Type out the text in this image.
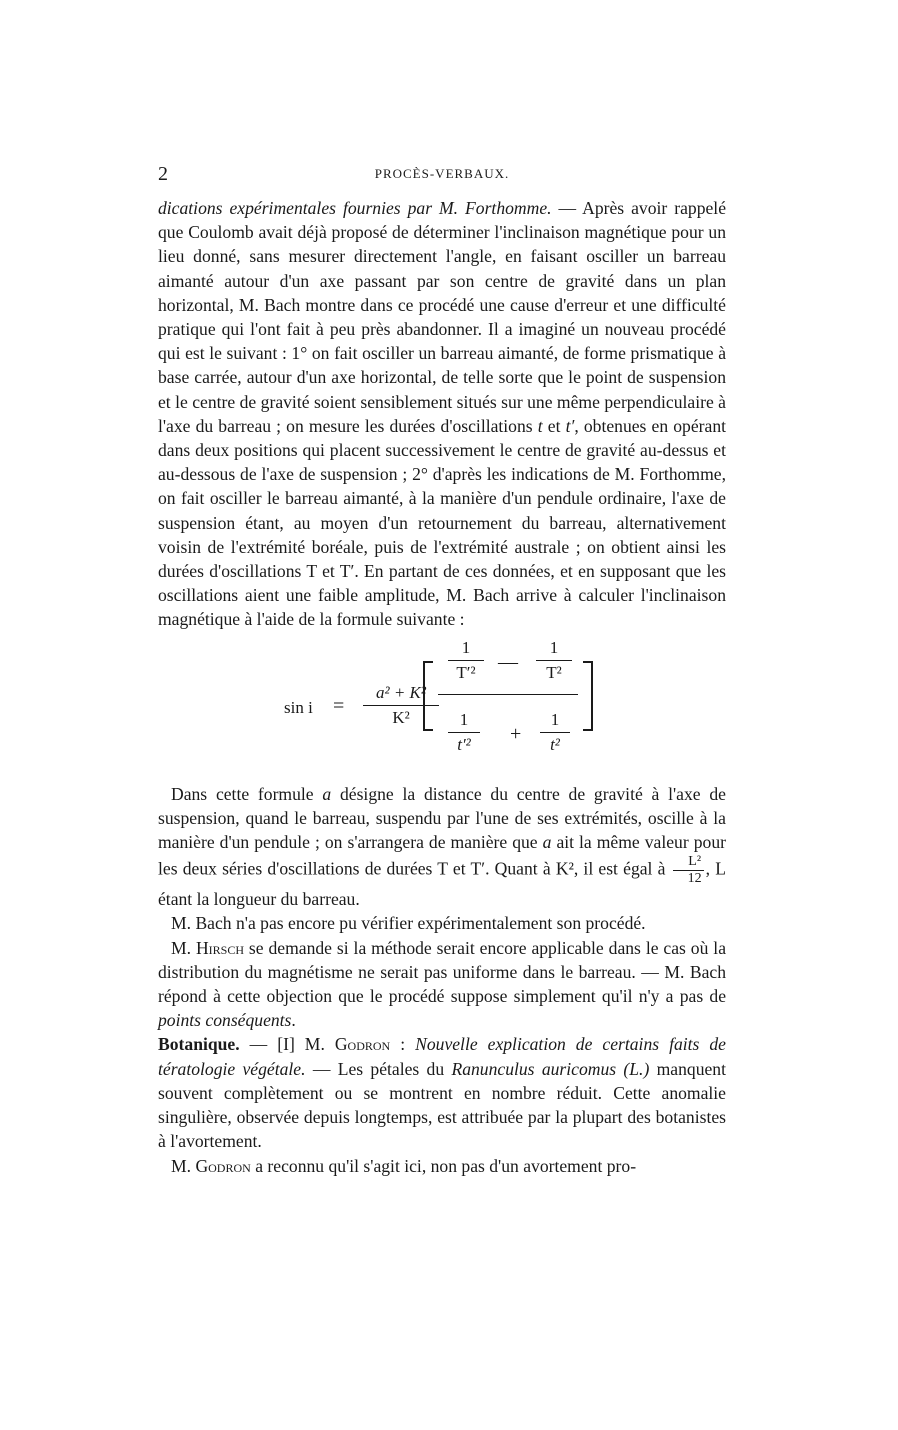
2	PROCÈS-VERBAUX.

dications expérimentales fournies par M. Forthomme. — Après avoir rappelé que Coulomb avait déjà proposé de déterminer l'inclinaison magnétique pour un lieu donné, sans mesurer directement l'angle, en faisant osciller un barreau aimanté autour d'un axe passant par son centre de gravité dans un plan horizontal, M. Bach montre dans ce procédé une cause d'erreur et une difficulté pratique qui l'ont fait à peu près abandonner. Il a imaginé un nouveau procédé qui est le suivant : 1° on fait osciller un barreau aimanté, de forme prismatique à base carrée, autour d'un axe horizontal, de telle sorte que le point de suspension et le centre de gravité soient sensiblement situés sur une même perpendiculaire à l'axe du barreau ; on mesure les durées d'oscillations t et t′, obtenues en opérant dans deux positions qui placent successivement le centre de gravité au-dessus et au-dessous de l'axe de suspension ; 2° d'après les indications de M. Forthomme, on fait osciller le barreau aimanté, à la manière d'un pendule ordinaire, l'axe de suspension étant, au moyen d'un retournement du barreau, alternativement voisin de l'extrémité boréale, puis de l'extrémité australe ; on obtient ainsi les durées d'oscillations T et T′. En partant de ces données, et en supposant que les oscillations aient une faible amplitude, M. Bach arrive à calculer l'inclinaison magnétique à l'aide de la formule suivante :

sin i =
a² + K²
K²
1
T′²	—
1
T²
1
t′²	+
1
t²

Dans cette formule a désigne la distance du centre de gravité à l'axe de suspension, quand le barreau, suspendu par l'une de ses extrémités, oscille à la manière d'un pendule ; on s'arrangera de manière que a ait la même valeur pour les deux séries d'oscillations de durées T et T′. Quant à K², il est égal à $\frac{\text{L²}}{12}$ , L étant la longueur du barreau.

M. Bach n'a pas encore pu vérifier expérimentalement son procédé.

M. Hirsch se demande si la méthode serait encore applicable dans le cas où la distribution du magnétisme ne serait pas uniforme dans le barreau. — M. Bach répond à cette objection que le procédé suppose simplement qu'il n'y a pas de points conséquents.

Botanique. — [I] M. Godron : Nouvelle explication de certains faits de tératologie végétale. — Les pétales du Ranunculus auricomus (L.) manquent souvent complètement ou se montrent en nombre réduit. Cette anomalie singulière, observée depuis longtemps, est attribuée par la plupart des botanistes à l'avortement.

M. Godron a reconnu qu'il s'agit ici, non pas d'un avortement pro-
